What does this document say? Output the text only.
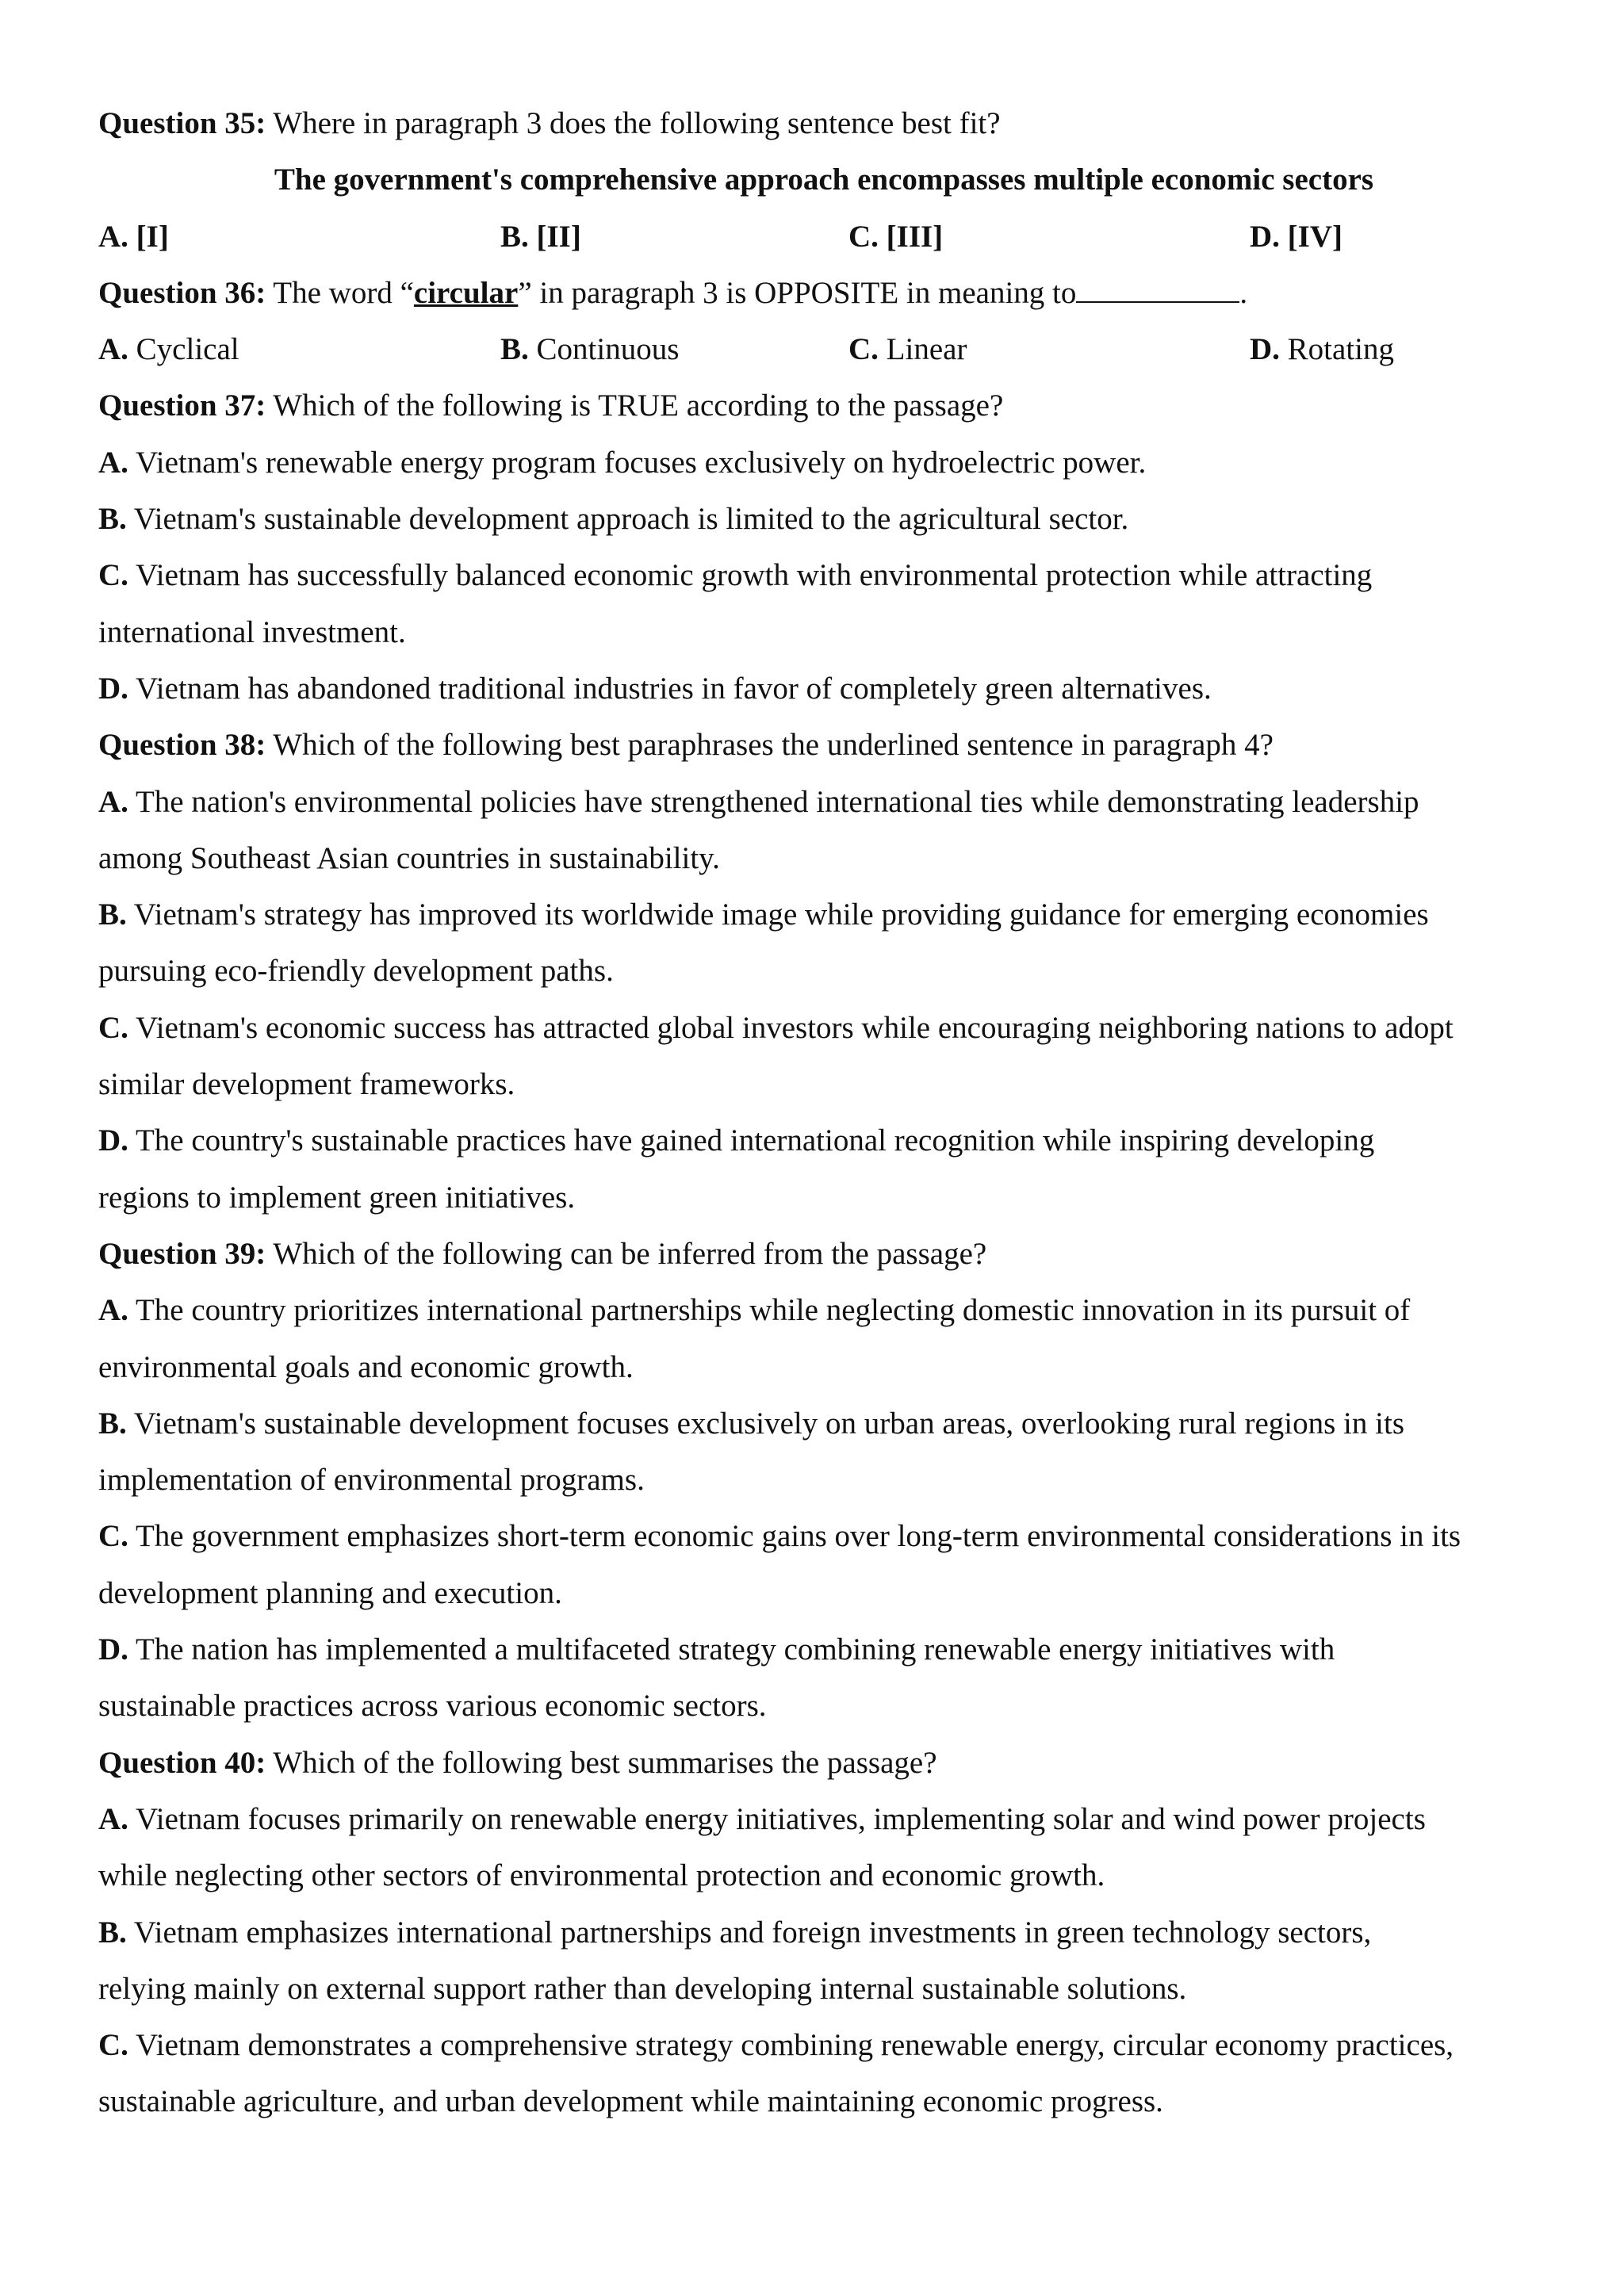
Question 35: Where in paragraph 3 does the following sentence best fit?
The government's comprehensive approach encompasses multiple economic sectors
A. [I]	B. [II]	C. [III]	D. [IV]
Question 36: The word “circular” in paragraph 3 is OPPOSITE in meaning to	.
A. Cyclical	B. Continuous	C. Linear	D. Rotating
Question 37: Which of the following is TRUE according to the passage?
A. Vietnam's renewable energy program focuses exclusively on hydroelectric power.
B. Vietnam's sustainable development approach is limited to the agricultural sector.
C. Vietnam has successfully balanced economic growth with environmental protection while attracting
international investment.
D. Vietnam has abandoned traditional industries in favor of completely green alternatives.
Question 38: Which of the following best paraphrases the underlined sentence in paragraph 4?
A. The nation's environmental policies have strengthened international ties while demonstrating leadership
among Southeast Asian countries in sustainability.
B. Vietnam's strategy has improved its worldwide image while providing guidance for emerging economies
pursuing eco-friendly development paths.
C. Vietnam's economic success has attracted global investors while encouraging neighboring nations to adopt
similar development frameworks.
D. The country's sustainable practices have gained international recognition while inspiring developing
regions to implement green initiatives.
Question 39: Which of the following can be inferred from the passage?
A. The country prioritizes international partnerships while neglecting domestic innovation in its pursuit of
environmental goals and economic growth.
B. Vietnam's sustainable development focuses exclusively on urban areas, overlooking rural regions in its
implementation of environmental programs.
C. The government emphasizes short-term economic gains over long-term environmental considerations in its
development planning and execution.
D. The nation has implemented a multifaceted strategy combining renewable energy initiatives with
sustainable practices across various economic sectors.
Question 40: Which of the following best summarises the passage?
A. Vietnam focuses primarily on renewable energy initiatives, implementing solar and wind power projects
while neglecting other sectors of environmental protection and economic growth.
B. Vietnam emphasizes international partnerships and foreign investments in green technology sectors,
relying mainly on external support rather than developing internal sustainable solutions.
C. Vietnam demonstrates a comprehensive strategy combining renewable energy, circular economy practices,
sustainable agriculture, and urban development while maintaining economic progress.
